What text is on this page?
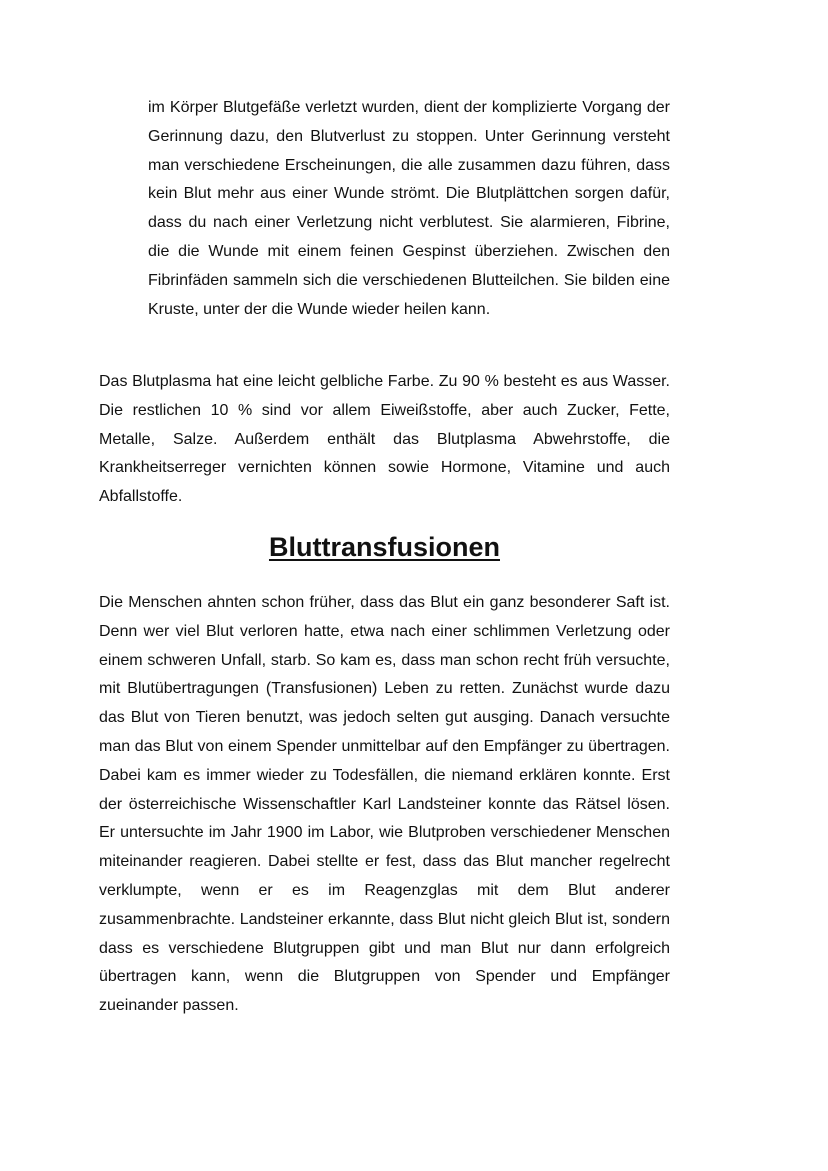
im Körper Blutgefäße verletzt wurden, dient der komplizierte Vorgang der Gerinnung dazu, den Blutverlust zu stoppen. Unter Gerinnung versteht man verschiedene Erscheinungen, die alle zusammen dazu führen, dass kein Blut mehr aus einer Wunde strömt. Die Blutplättchen sorgen dafür, dass du nach einer Verletzung nicht verblutest. Sie alarmieren, Fibrine, die die Wunde mit einem feinen Gespinst überziehen. Zwischen den Fibrinfäden sammeln sich die verschiedenen Blutteilchen. Sie bilden eine Kruste, unter der die Wunde wieder heilen kann.

Das Blutplasma hat eine leicht gelbliche Farbe. Zu 90 % besteht es aus Wasser. Die restlichen 10 % sind vor allem Eiweißstoffe, aber auch Zucker, Fette, Metalle, Salze. Außerdem enthält das Blutplasma Abwehrstoffe, die Krankheitserreger vernichten können sowie Hormone, Vitamine und auch Abfallstoffe.

Bluttransfusionen

Die Menschen ahnten schon früher, dass das Blut ein ganz besonderer Saft ist. Denn wer viel Blut verloren hatte, etwa nach einer schlimmen Verletzung oder einem schweren Unfall, starb. So kam es, dass man schon recht früh versuchte, mit Blutübertragungen (Transfusionen) Leben zu retten. Zunächst wurde dazu das Blut von Tieren benutzt, was jedoch selten gut ausging. Danach versuchte man das Blut von einem Spender unmittelbar auf den Empfänger zu übertragen. Dabei kam es immer wieder zu Todesfällen, die niemand erklären konnte. Erst der österreichische Wissenschaftler Karl Landsteiner konnte das Rätsel lösen. Er untersuchte im Jahr 1900 im Labor, wie Blutproben verschiedener Menschen miteinander reagieren. Dabei stellte er fest, dass das Blut mancher regelrecht verklumpte, wenn er es im Reagenzglas mit dem Blut anderer zusammenbrachte. Landsteiner erkannte, dass Blut nicht gleich Blut ist, sondern dass es verschiedene Blutgruppen gibt und man Blut nur dann erfolgreich übertragen kann, wenn die Blutgruppen von Spender und Empfänger zueinander passen.
